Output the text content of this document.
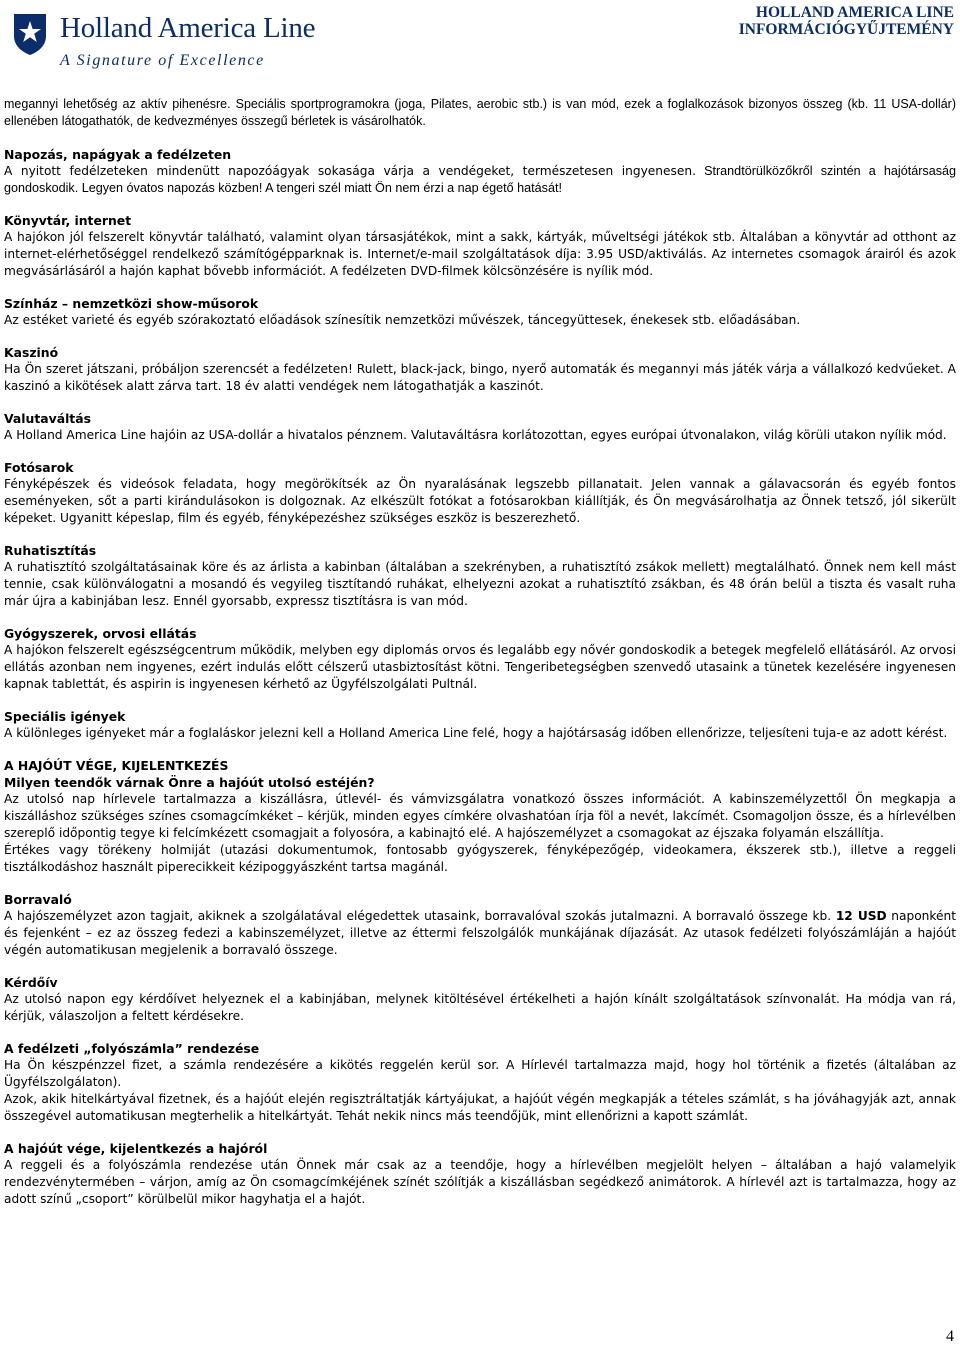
Holland America Line
A Signature of Excellence
HOLLAND AMERICA LINE
INFORMÁCIÓGYŰJTEMÉNY

megannyi lehetőség az aktív pihenésre. Speciális sportprogramokra (joga, Pilates, aerobic stb.) is van mód, ezek a foglalkozások bizonyos összeg (kb. 11 USA-dollár) ellenében látogathatók, de kedvezményes összegű bérletek is vásárolhatók.

Napozás, napágyak a fedélzeten

A nyitott fedélzeteken mindenütt napozóágyak sokasága várja a vendégeket, természetesen ingyenesen. Strandtörülközőkről szintén a hajótársaság gondoskodik. Legyen óvatos napozás közben! A tengeri szél miatt Ön nem érzi a nap égető hatását!

Könyvtár, internet

A hajókon jól felszerelt könyvtár található, valamint olyan társasjátékok, mint a sakk, kártyák, műveltségi játékok stb. Általában a könyvtár ad otthont az internet-elérhetőséggel rendelkező számítógépparknak is. Internet/e-mail szolgáltatások díja: 3.95 USD/aktiválás. Az internetes csomagok árairól és azok megvásárlásáról a hajón kaphat bővebb információt. A fedélzeten DVD-filmek kölcsönzésére is nyílik mód.

Színház – nemzetközi show-műsorok

Az estéket varieté és egyéb szórakoztató előadások színesítik nemzetközi művészek, táncegyüttesek, énekesek stb. előadásában.

Kaszinó

Ha Ön szeret játszani, próbáljon szerencsét a fedélzeten! Rulett, black-jack, bingo, nyerő automaták és megannyi más játék várja a vállalkozó kedvűeket. A kaszinó a kikötések alatt zárva tart. 18 év alatti vendégek nem látogathatják a kaszinót.

Valutaváltás

A Holland America Line hajóin az USA-dollár a hivatalos pénznem. Valutaváltásra korlátozottan, egyes európai útvonalakon, világ körüli utakon nyílik mód.

Fotósarok

Fényképészek és videósok feladata, hogy megörökítsék az Ön nyaralásának legszebb pillanatait. Jelen vannak a gálavacsorán és egyéb fontos eseményeken, sőt a parti kirándulásokon is dolgoznak. Az elkészült fotókat a fotósarokban kiállítják, és Ön megvásárolhatja az Önnek tetsző, jól sikerült képeket. Ugyanitt képeslap, film és egyéb, fényképezéshez szükséges eszköz is beszerezhető.

Ruhatisztítás

A ruhatisztító szolgáltatásainak köre és az árlista a kabinban (általában a szekrényben, a ruhatisztító zsákok mellett) megtalálható. Önnek nem kell mást tennie, csak különválogatni a mosandó és vegyileg tisztítandó ruhákat, elhelyezni azokat a ruhatisztító zsákban, és 48 órán belül a tiszta és vasalt ruha már újra a kabinjában lesz. Ennél gyorsabb, expressz tisztításra is van mód.

Gyógyszerek, orvosi ellátás

A hajókon felszerelt egészségcentrum működik, melyben egy diplomás orvos és legalább egy nővér gondoskodik a betegek megfelelő ellátásáról. Az orvosi ellátás azonban nem ingyenes, ezért indulás előtt célszerű utasbiztosítást kötni. Tengeribetegségben szenvedő utasaink a tünetek kezelésére ingyenesen kapnak tablettát, és aspirin is ingyenesen kérhető az Ügyfélszolgálati Pultnál.

Speciális igények

A különleges igényeket már a foglaláskor jelezni kell a Holland America Line felé, hogy a hajótársaság időben ellenőrizze, teljesíteni tuja-e az adott kérést.

A HAJÓÚT VÉGE, KIJELENTKEZÉS

Milyen teendők várnak Önre a hajóút utolsó estéjén?

Az utolsó nap hírlevele tartalmazza a kiszállásra, útlevél- és vámvizsgálatra vonatkozó összes információt. A kabinszemélyzettől Ön megkapja a kiszálláshoz szükséges színes csomagcímkéket – kérjük, minden egyes címkére olvashatóan írja föl a nevét, lakcímét. Csomagoljon össze, és a hírlevélben szereplő időpontig tegye ki felcímkézett csomagjait a folyosóra, a kabinajtó elé. A hajószemélyzet a csomagokat az éjszaka folyamán elszállítja.

Értékes vagy törékeny holmiját (utazási dokumentumok, fontosabb gyógyszerek, fényképezőgép, videokamera, ékszerek stb.), illetve a reggeli tisztálkodáshoz használt piperecikkeit kézipoggyászként tartsa magánál.

Borravaló

A hajószemélyzet azon tagjait, akiknek a szolgálatával elégedettek utasaink, borravalóval szokás jutalmazni. A borravaló összege kb. 12 USD naponként és fejenként – ez az összeg fedezi a kabinszemélyzet, illetve az éttermi felszolgálók munkájának díjazását. Az utasok fedélzeti folyószámláján a hajóút végén automatikusan megjelenik a borravaló összege.

Kérdőív

Az utolsó napon egy kérdőívet helyeznek el a kabinjában, melynek kitöltésével értékelheti a hajón kínált szolgáltatások színvonalát. Ha módja van rá, kérjük, válaszoljon a feltett kérdésekre.

A fedélzeti „folyószámla” rendezése

Ha Ön készpénzzel fizet, a számla rendezésére a kikötés reggelén kerül sor. A Hírlevél tartalmazza majd, hogy hol történik a fizetés (általában az Ügyfélszolgálaton).

Azok, akik hitelkártyával fizetnek, és a hajóút elején regisztráltatják kártyájukat, a hajóút végén megkapják a tételes számlát, s ha jóváhagyják azt, annak összegével automatikusan megterhelik a hitelkártyát. Tehát nekik nincs más teendőjük, mint ellenőrizni a kapott számlát.

A hajóút vége, kijelentkezés a hajóról

A reggeli és a folyószámla rendezése után Önnek már csak az a teendője, hogy a hírlevélben megjelölt helyen – általában a hajó valamelyik rendezvénytermében – várjon, amíg az Ön csomagcímkéjének színét szólítják a kiszállásban segédkező animátorok. A hírlevél azt is tartalmazza, hogy az adott színű „csoport” körülbelül mikor hagyhatja el a hajót.

4
